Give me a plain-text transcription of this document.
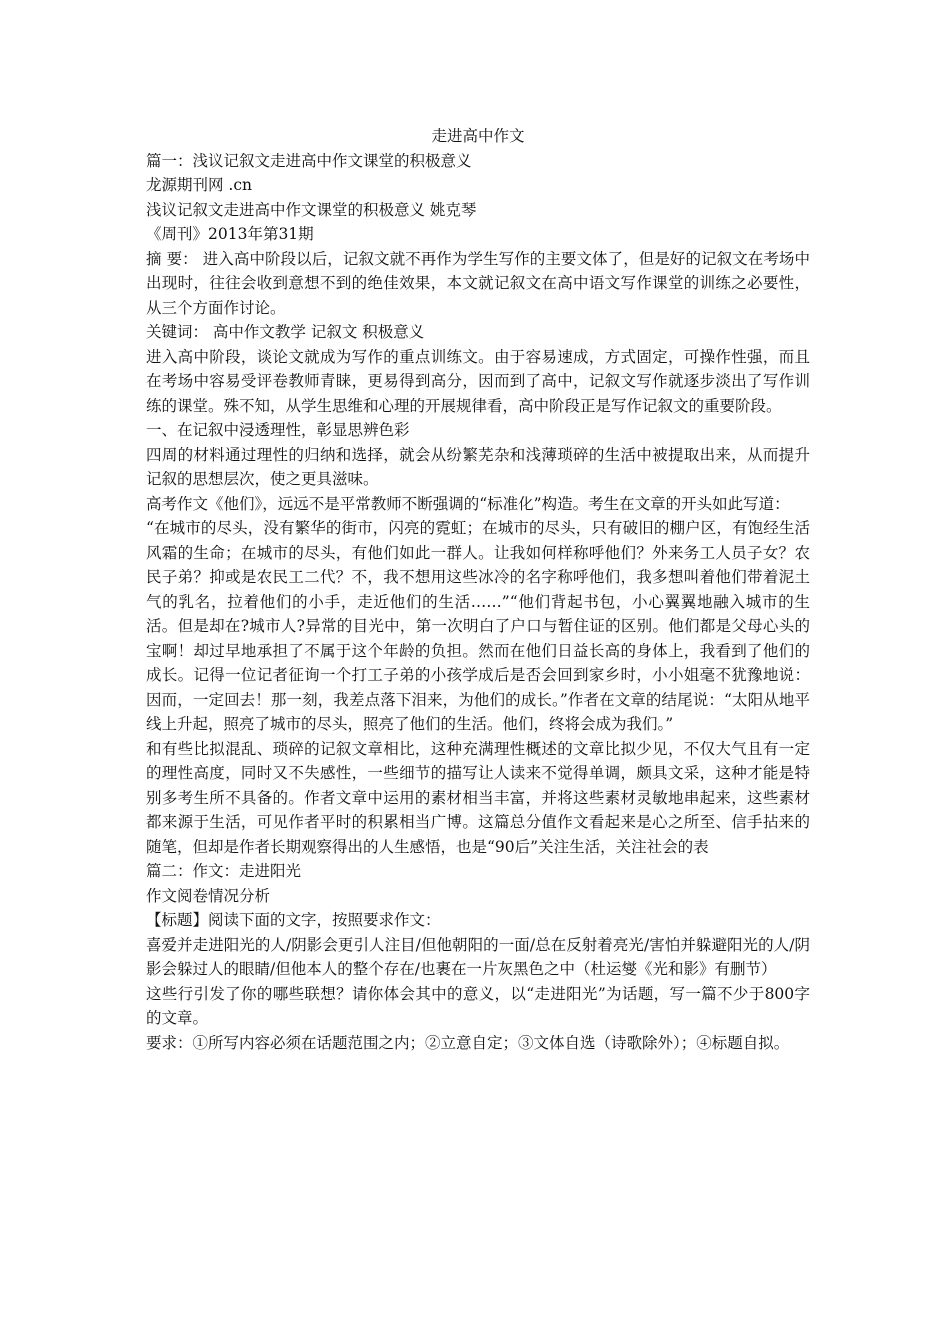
走进高中作文

篇一：浅议记叙文走进高中作文课堂的积极意义

龙源期刊网 .cn

浅议记叙文走进高中作文课堂的积极意义 姚克琴

《周刊》2013年第31期

摘 要： 进入高中阶段以后，记叙文就不再作为学生写作的主要文体了，但是好的记叙文在考场中出现时，往往会收到意想不到的绝佳效果，本文就记叙文在高中语文写作课堂的训练之必要性，从三个方面作讨论。

关键词： 高中作文教学 记叙文 积极意义

进入高中阶段，谈论文就成为写作的重点训练文。由于容易速成，方式固定，可操作性强，而且在考场中容易受评卷教师青睐，更易得到高分，因而到了高中，记叙文写作就逐步淡出了写作训练的课堂。殊不知，从学生思维和心理的开展规律看，高中阶段正是写作记叙文的重要阶段。

一、在记叙中浸透理性，彰显思辨色彩

四周的材料通过理性的归纳和选择，就会从纷繁芜杂和浅薄琐碎的生活中被提取出来，从而提升记叙的思想层次，使之更具滋味。

高考作文《他们》，远远不是平常教师不断强调的“标准化”构造。考生在文章的开头如此写道：

“在城市的尽头，没有繁华的街市，闪亮的霓虹；在城市的尽头，只有破旧的棚户区，有饱经生活风霜的生命；在城市的尽头，有他们如此一群人。让我如何样称呼他们？外来务工人员子女？农民子弟？抑或是农民工二代？不，我不想用这些冰冷的名字称呼他们，我多想叫着他们带着泥土气的乳名，拉着他们的小手，走近他们的生活……”“他们背起书包，小心翼翼地融入城市的生活。但是却在?城市人?异常的目光中，第一次明白了户口与暂住证的区别。他们都是父母心头的宝啊！却过早地承担了不属于这个年龄的负担。然而在他们日益长高的身体上，我看到了他们的成长。记得一位记者征询一个打工子弟的小孩学成后是否会回到家乡时，小小姐毫不犹豫地说：因而，一定回去！那一刻，我差点落下泪来，为他们的成长。”作者在文章的结尾说：“太阳从地平线上升起，照亮了城市的尽头，照亮了他们的生活。他们，终将会成为我们。”

和有些比拟混乱、琐碎的记叙文章相比，这种充满理性概述的文章比拟少见，不仅大气且有一定的理性高度，同时又不失感性，一些细节的描写让人读来不觉得单调，颇具文采，这种才能是特别多考生所不具备的。作者文章中运用的素材相当丰富，并将这些素材灵敏地串起来，这些素材都来源于生活，可见作者平时的积累相当广博。这篇总分值作文看起来是心之所至、信手拈来的随笔，但却是作者长期观察得出的人生感悟，也是“90后”关注生活，关注社会的表

篇二：作文：走进阳光

作文阅卷情况分析

【标题】阅读下面的文字，按照要求作文：

喜爱并走进阳光的人/阴影会更引人注目/但他朝阳的一面/总在反射着亮光/害怕并躲避阳光的人/阴影会躲过人的眼睛/但他本人的整个存在/也裹在一片灰黑色之中（杜运燮《光和影》有删节）

这些行引发了你的哪些联想？请你体会其中的意义，以“走进阳光”为话题，写一篇不少于800字的文章。

要求：①所写内容必须在话题范围之内；②立意自定；③文体自选（诗歌除外）；④标题自拟。
